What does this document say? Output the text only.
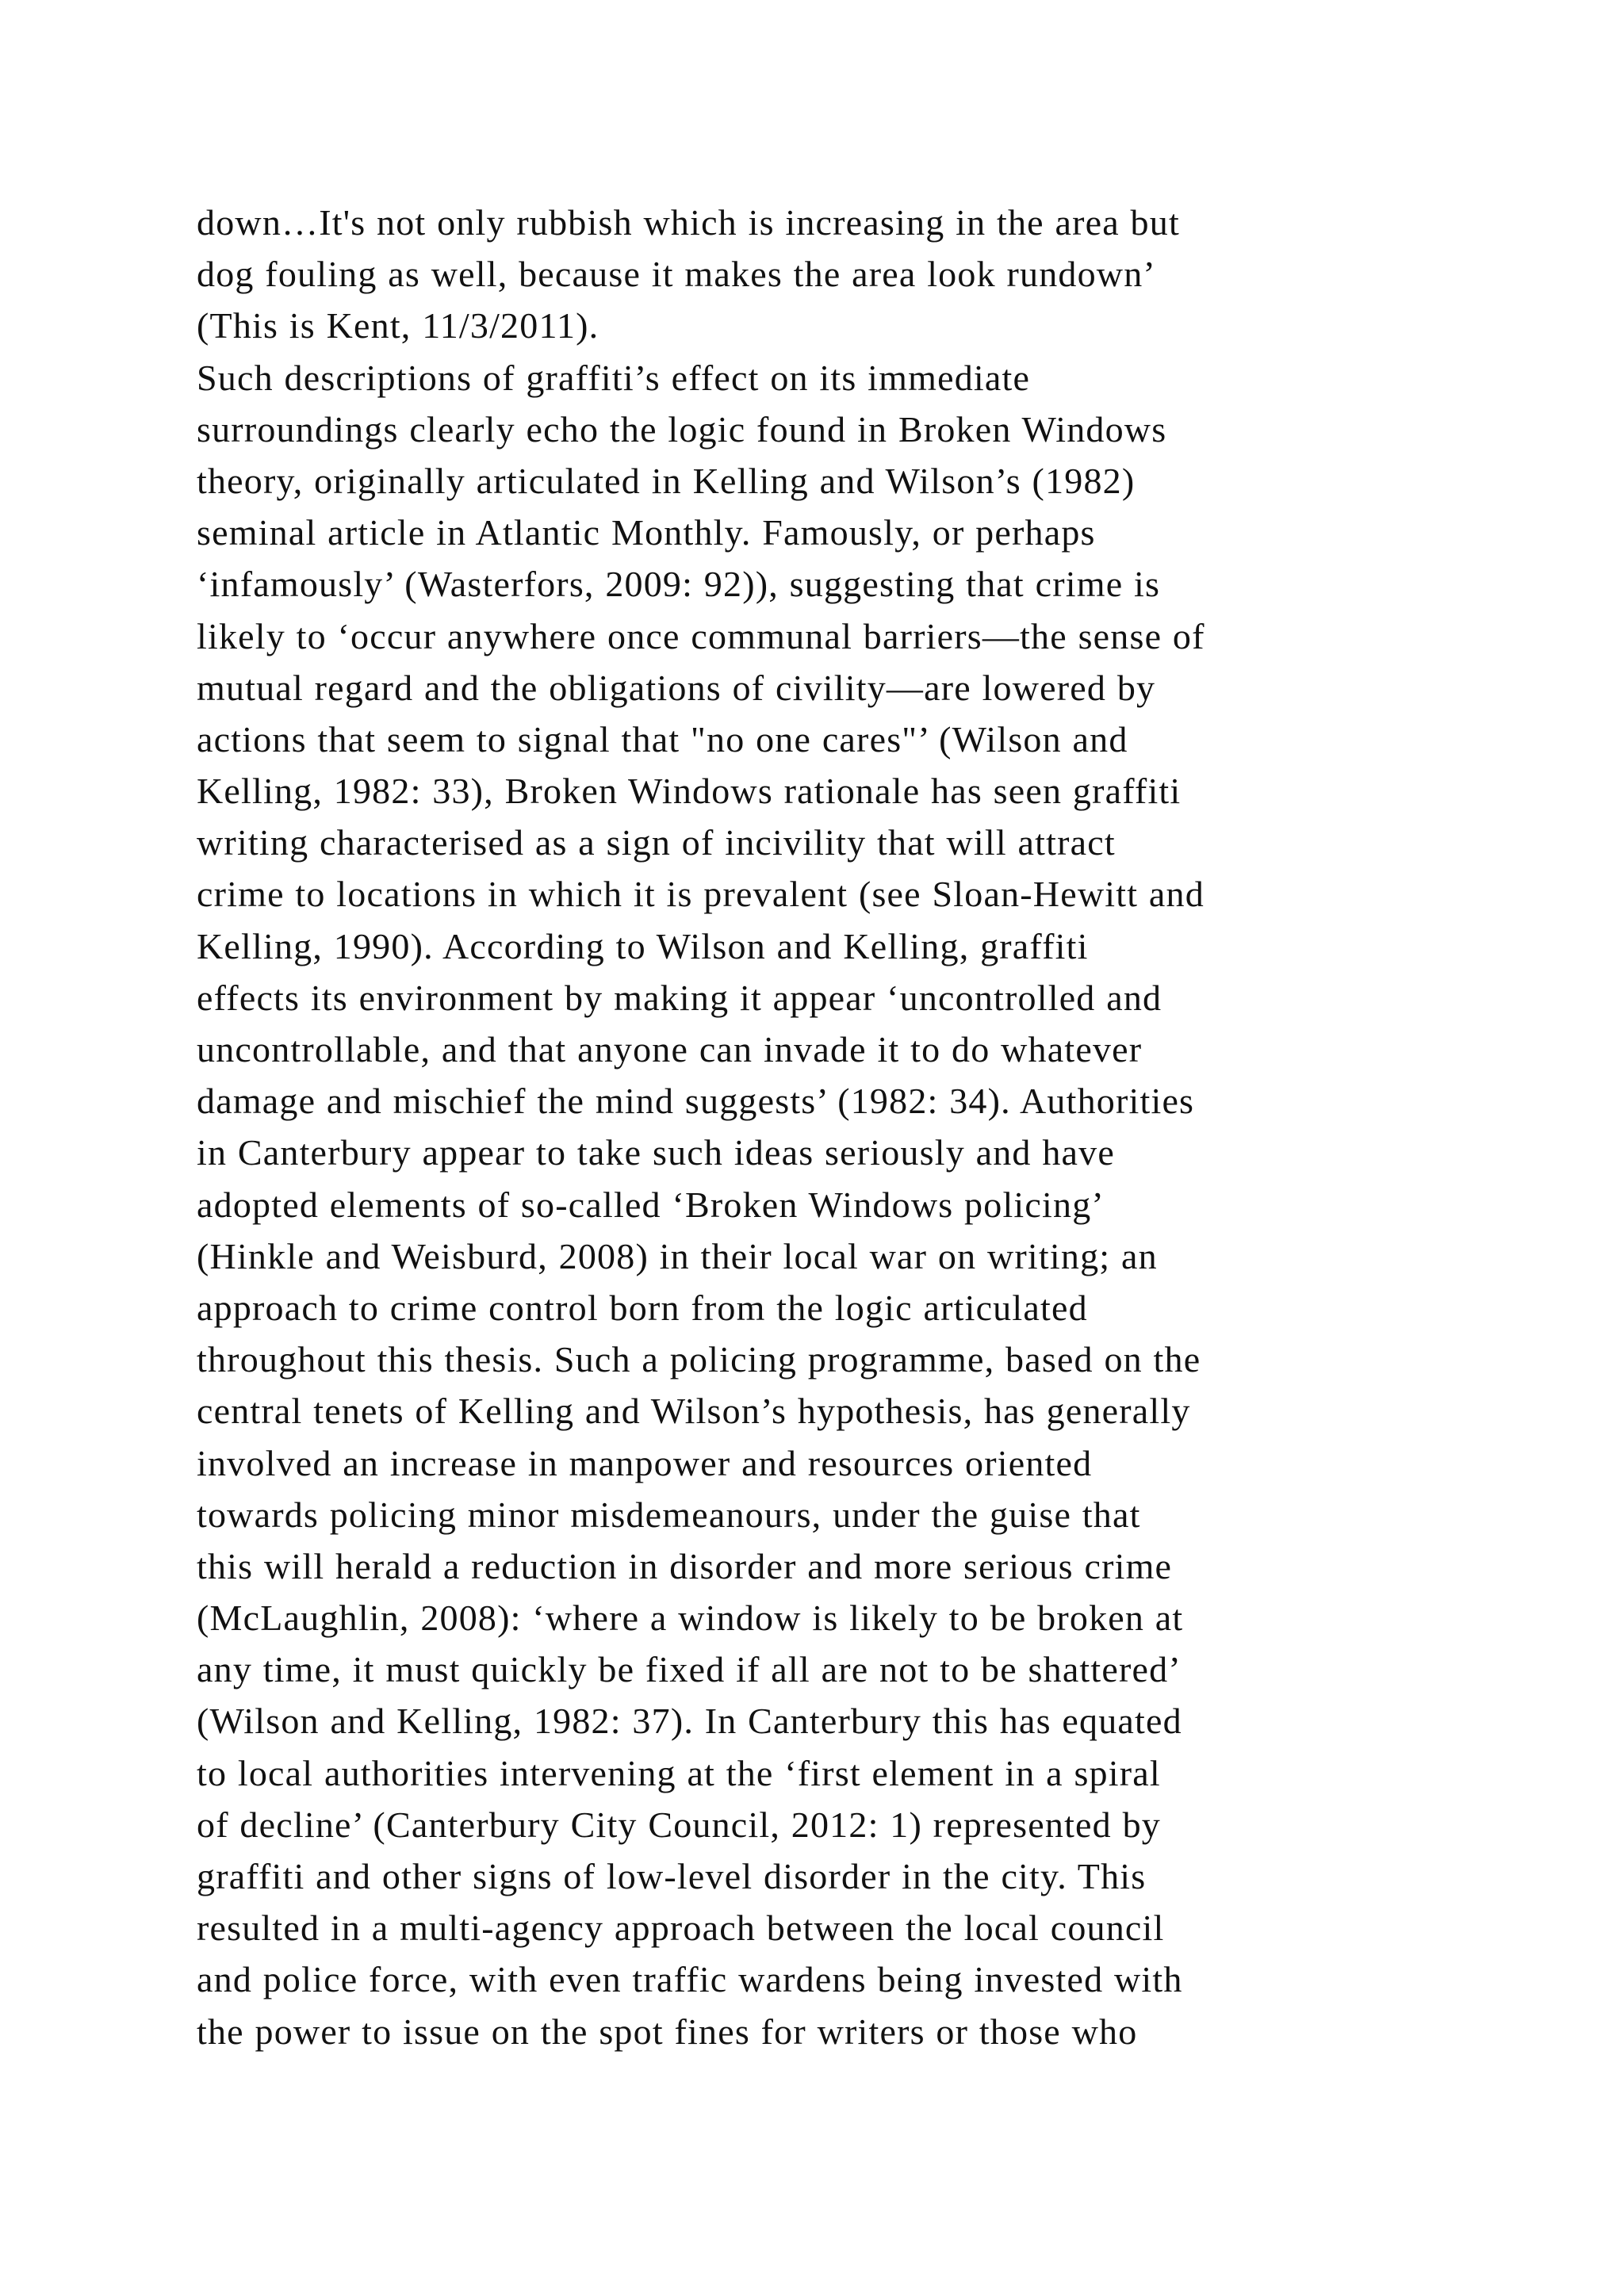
down…It's not only rubbish which is increasing in the area but
dog fouling as well, because it makes the area look rundown’
(This is Kent, 11/3/2011).
Such descriptions of graffiti’s effect on its immediate
surroundings clearly echo the logic found in Broken Windows
theory, originally articulated in Kelling and Wilson’s (1982)
seminal article in Atlantic Monthly. Famously, or perhaps
‘infamously’ (Wasterfors, 2009: 92)), suggesting that crime is
likely to ‘occur anywhere once communal barriers—the sense of
mutual regard and the obligations of civility—are lowered by
actions that seem to signal that "no one cares"’ (Wilson and
Kelling, 1982: 33), Broken Windows rationale has seen graffiti
writing characterised as a sign of incivility that will attract
crime to locations in which it is prevalent (see Sloan-Hewitt and
Kelling, 1990). According to Wilson and Kelling, graffiti
effects its environment by making it appear ‘uncontrolled and
uncontrollable, and that anyone can invade it to do whatever
damage and mischief the mind suggests’ (1982: 34). Authorities
in Canterbury appear to take such ideas seriously and have
adopted elements of so-called ‘Broken Windows policing’
(Hinkle and Weisburd, 2008) in their local war on writing; an
approach to crime control born from the logic articulated
throughout this thesis. Such a policing programme, based on the
central tenets of Kelling and Wilson’s hypothesis, has generally
involved an increase in manpower and resources oriented
towards policing minor misdemeanours, under the guise that
this will herald a reduction in disorder and more serious crime
(McLaughlin, 2008): ‘where a window is likely to be broken at
any time, it must quickly be fixed if all are not to be shattered’
(Wilson and Kelling, 1982: 37). In Canterbury this has equated
to local authorities intervening at the ‘first element in a spiral
of decline’ (Canterbury City Council, 2012: 1) represented by
graffiti and other signs of low-level disorder in the city. This
resulted in a multi-agency approach between the local council
and police force, with even traffic wardens being invested with
the power to issue on the spot fines for writers or those who
